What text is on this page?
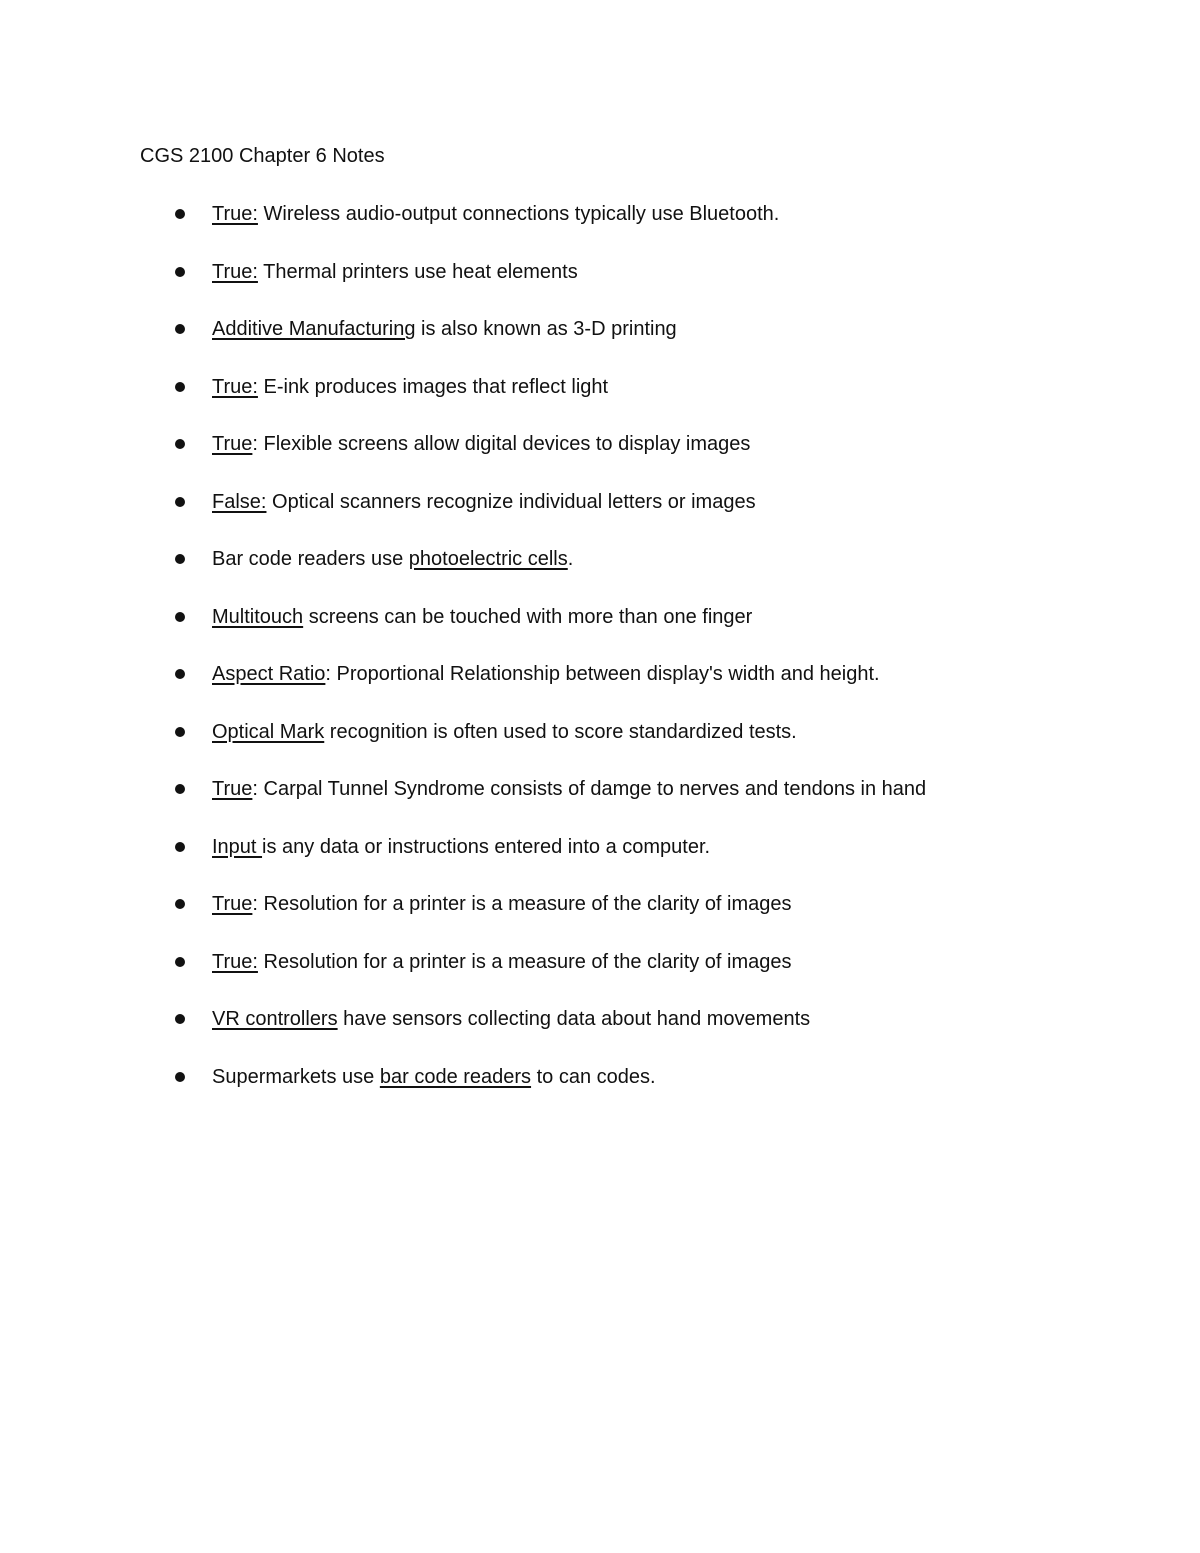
CGS 2100 Chapter 6 Notes
True: Wireless audio-output connections typically use Bluetooth.
True: Thermal printers use heat elements
Additive Manufacturing is also known as 3-D printing
True: E-ink produces images that reflect light
True: Flexible screens allow digital devices to display images
False: Optical scanners recognize individual letters or images
Bar code readers use photoelectric cells.
Multitouch screens can be touched with more than one finger
Aspect Ratio: Proportional Relationship between display's width and height.
Optical Mark recognition is often used to score standardized tests.
True: Carpal Tunnel Syndrome consists of damge to nerves and tendons in hand
Input is any data or instructions entered into a computer.
True: Resolution for a printer is a measure of the clarity of images
True: Resolution for a printer is a measure of the clarity of images
VR controllers have sensors collecting data about hand movements
Supermarkets use bar code readers to can codes.
